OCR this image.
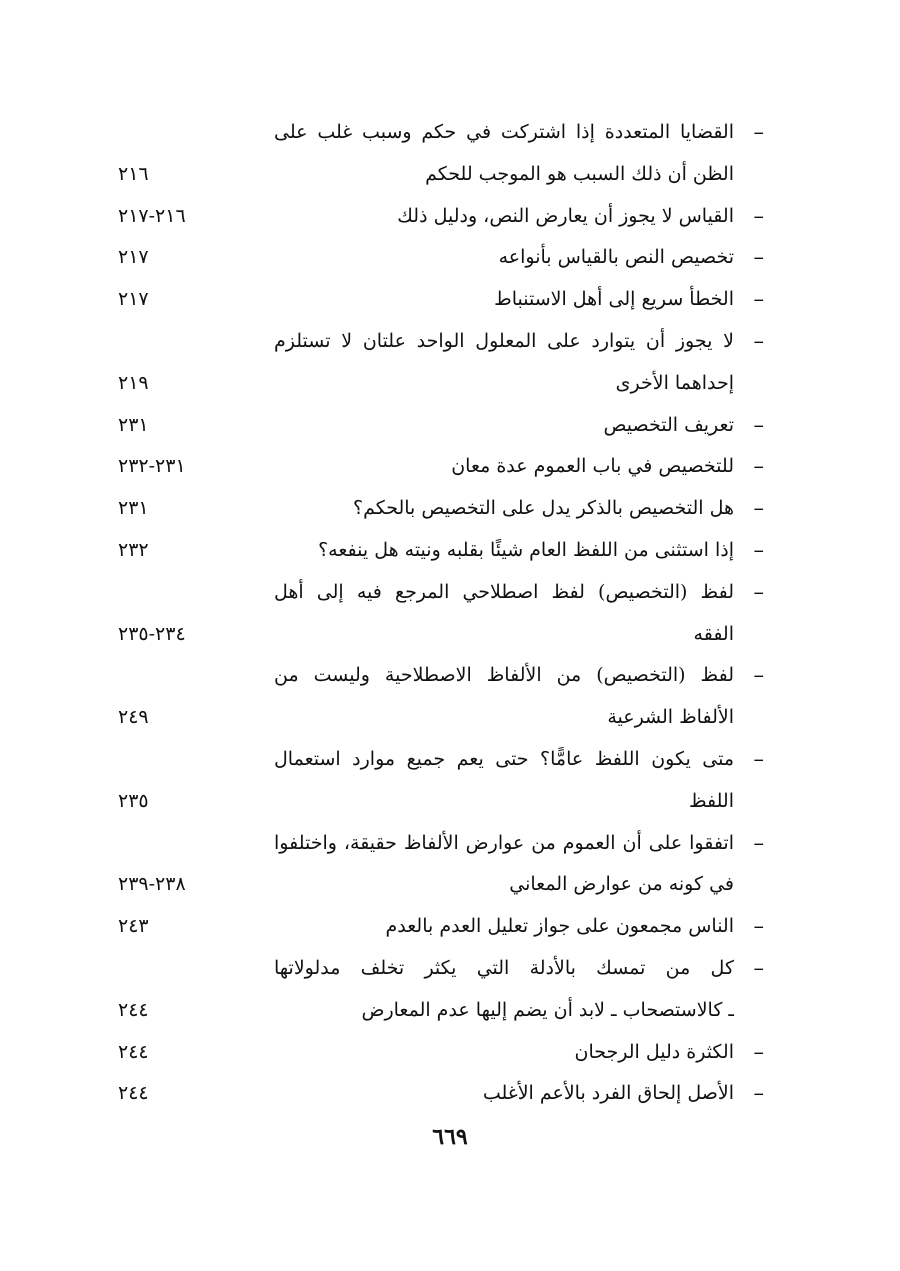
–
القضايا المتعددة إذا اشتركت في حكم وسبب غلب على
الظن أن ذلك السبب هو الموجب للحكم
٢١٦
–
القياس لا يجوز أن يعارض النص، ودليل ذلك
٢١٦-٢١٧
–
تخصيص النص بالقياس بأنواعه
٢١٧
–
الخطأ سريع إلى أهل الاستنباط
٢١٧
–
لا يجوز أن يتوارد على المعلول الواحد علتان لا تستلزم
إحداهما الأخرى
٢١٩
–
تعريف التخصيص
٢٣١
–
للتخصيص في باب العموم عدة معان
٢٣١-٢٣٢
–
هل التخصيص بالذكر يدل على التخصيص بالحكم؟
٢٣١
–
إذا استثنى من اللفظ العام شيئًا بقلبه ونيته هل ينفعه؟
٢٣٢
–
لفظ (التخصيص) لفظ اصطلاحي المرجع فيه إلى أهل
الفقه
٢٣٤-٢٣٥
–
لفظ (التخصيص) من الألفاظ الاصطلاحية وليست من
الألفاظ الشرعية
٢٤٩
–
متى يكون اللفظ عامًّا؟ حتى يعم جميع موارد استعمال
اللفظ
٢٣٥
–
اتفقوا على أن العموم من عوارض الألفاظ حقيقة، واختلفوا
في كونه من عوارض المعاني
٢٣٨-٢٣٩
–
الناس مجمعون على جواز تعليل العدم بالعدم
٢٤٣
–
كل من تمسك بالأدلة التي يكثر تخلف مدلولاتها
ـ كالاستصحاب ـ لابد أن يضم إليها عدم المعارض
٢٤٤
–
الكثرة دليل الرجحان
٢٤٤
–
الأصل إلحاق الفرد بالأعم الأغلب
٢٤٤
٦٦٩
